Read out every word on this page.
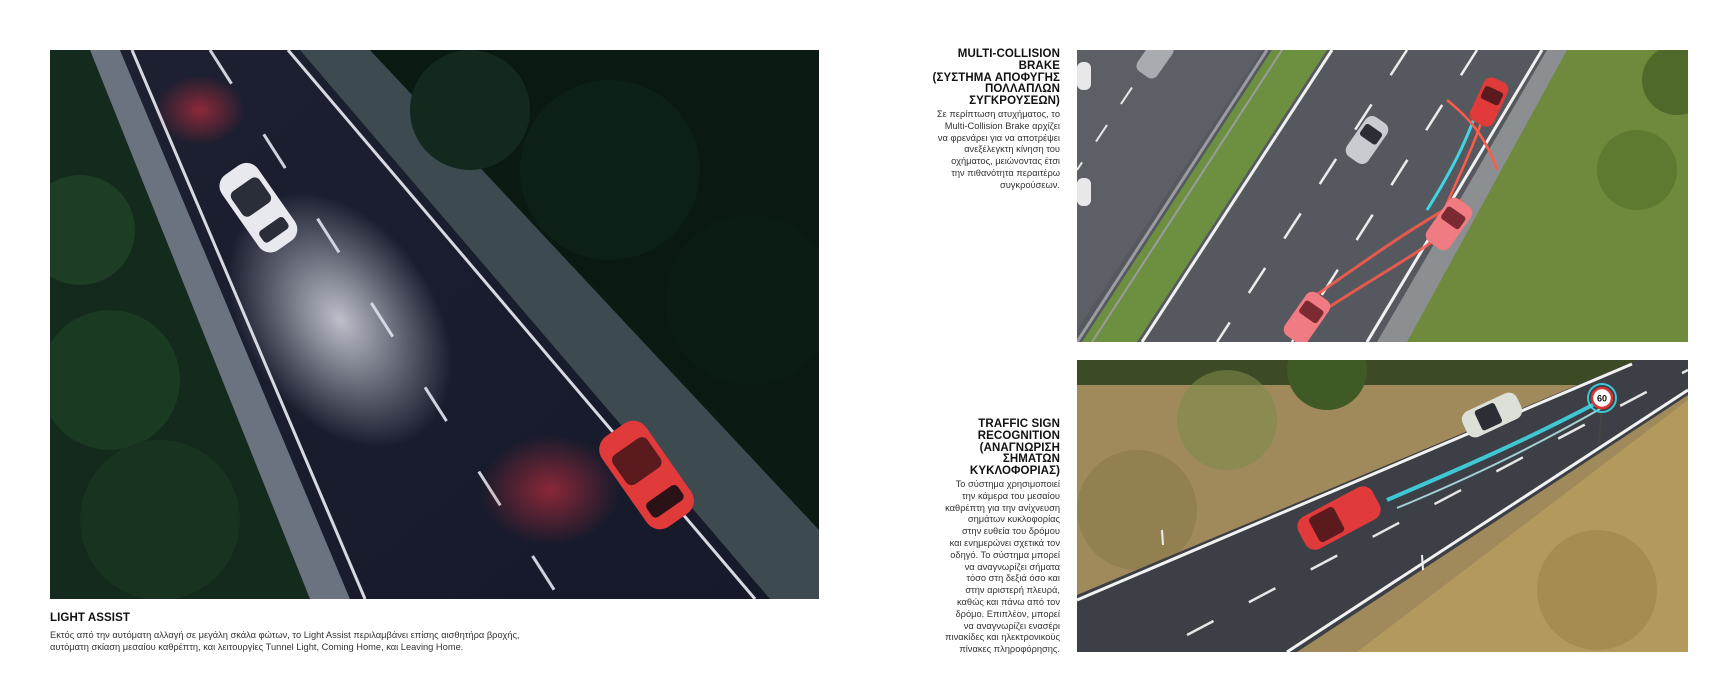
LIGHT ASSIST
Εκτός από την αυτόματη αλλαγή σε μεγάλη σκάλα φώτων, το Light Assist περιλαμβάνει επίσης αισθητήρα βροχής,
αυτόματη σκίαση μεσαίου καθρέπτη, και λειτουργίες Tunnel Light, Coming Home, και Leaving Home.
MULTI-COLLISION
BRAKE
(ΣΥΣΤΗΜΑ ΑΠΟΦΥΓΗΣ
ΠΟΛΛΑΠΛΩΝ
ΣΥΓΚΡΟΥΣΕΩΝ)
Σε περίπτωση ατυχήματος, το
Multi-Collision Brake αρχίζει
να φρενάρει για να αποτρέψει
ανεξέλεγκτη κίνηση του
οχήματος, μειώνοντας έτσι
την πιθανότητα περαιτέρω
συγκρούσεων.
TRAFFIC SIGN
RECOGNITION
(ΑΝΑΓΝΩΡΙΣΗ
ΣΗΜΑΤΩΝ
ΚΥΚΛΟΦΟΡΙΑΣ)
Το σύστημα χρησιμοποιεί
την κάμερα του μεσαίου
καθρέπτη για την ανίχνευση
σημάτων κυκλοφορίας
στην ευθεία του δρόμου
και ενημερώνει σχετικά τον
οδηγό. Το σύστημα μπορεί
να αναγνωρίζει σήματα
τόσο στη δεξιά όσο και
στην αριστερή πλευρά,
καθώς και πάνω από τον
δρόμο. Επιπλέον, μπορεί
να αναγνωρίζει ενασέρι
πινακίδες και ηλεκτρονικούς
πίνακες πληροφόρησης.
60
